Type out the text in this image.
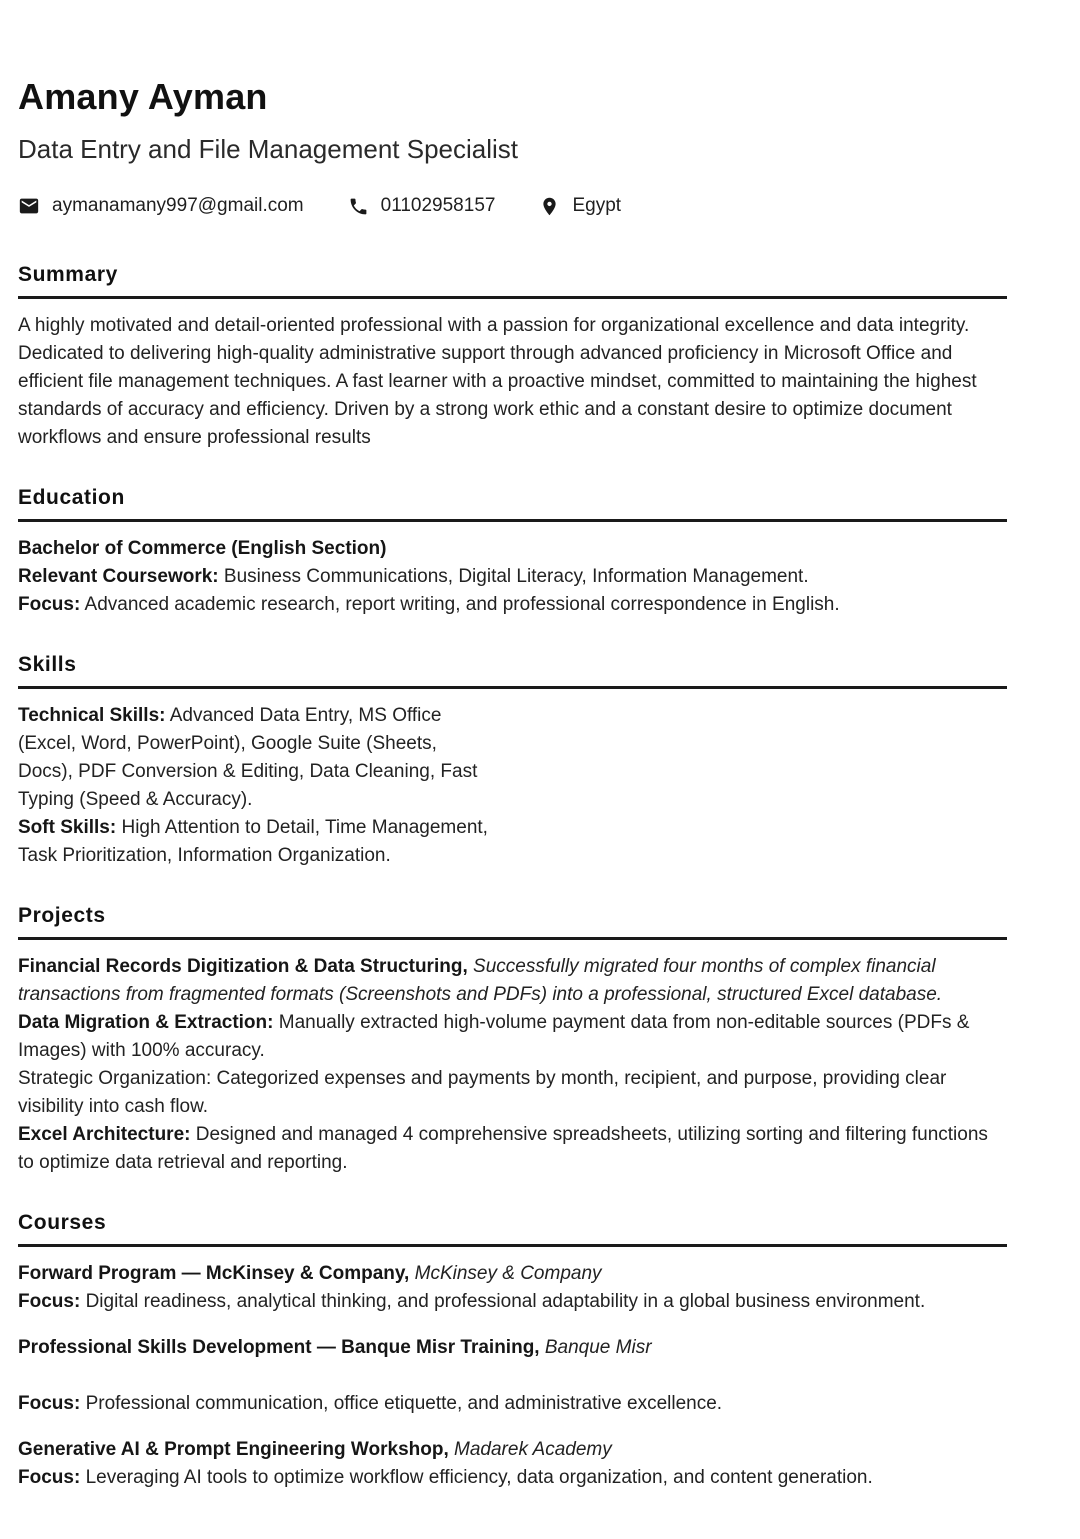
Amany Ayman
Data Entry and File Management Specialist
aymanamany997@gmail.com	01102958157	Egypt
Summary

A highly motivated and detail-oriented professional with a passion for organizational excellence and data integrity. Dedicated to delivering high-quality administrative support through advanced proficiency in Microsoft Office and efficient file management techniques. A fast learner with a proactive mindset, committed to maintaining the highest standards of accuracy and efficiency. Driven by a strong work ethic and a constant desire to optimize document workflows and ensure professional results

Education
Bachelor of Commerce (English Section)
Relevant Coursework: Business Communications, Digital Literacy, Information Management.
Focus: Advanced academic research, report writing, and professional correspondence in English.
Skills
Technical Skills: Advanced Data Entry, MS Office (Excel, Word, PowerPoint), Google Suite (Sheets, Docs), PDF Conversion & Editing, Data Cleaning, Fast Typing (Speed & Accuracy).
Soft Skills: High Attention to Detail, Time Management, Task Prioritization, Information Organization.
Projects
Financial Records Digitization & Data Structuring, Successfully migrated four months of complex financial transactions from fragmented formats (Screenshots and PDFs) into a professional, structured Excel database.
Data Migration & Extraction: Manually extracted high-volume payment data from non-editable sources (PDFs & Images) with 100% accuracy.
Strategic Organization: Categorized expenses and payments by month, recipient, and purpose, providing clear visibility into cash flow.
Excel Architecture: Designed and managed 4 comprehensive spreadsheets, utilizing sorting and filtering functions to optimize data retrieval and reporting.
Courses
Forward Program — McKinsey & Company, McKinsey & Company
Focus: Digital readiness, analytical thinking, and professional adaptability in a global business environment.
Professional Skills Development — Banque Misr Training, Banque Misr
Focus: Professional communication, office etiquette, and administrative excellence.
Generative AI & Prompt Engineering Workshop, Madarek Academy
Focus: Leveraging AI tools to optimize workflow efficiency, data organization, and content generation.
